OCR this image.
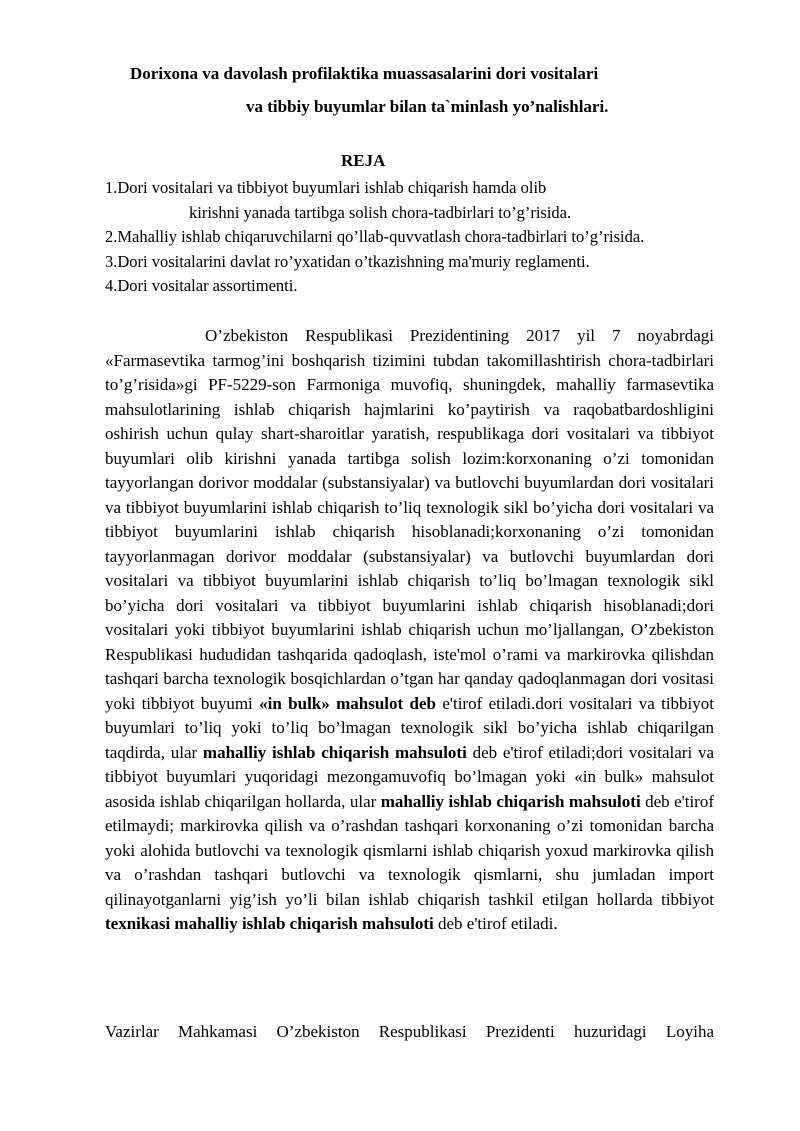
Dorixona va davolash profilaktika muassasalarini dori vositalari
va tibbiy buyumlar bilan ta`minlash yo’nalishlari.
REJA
1.Dori vositalari va tibbiyot buyumlari ishlab chiqarish hamda olib
kirishni yanada tartibga solish chora-tadbirlari to’g’risida.
2.Mahalliy ishlab chiqaruvchilarni qo’llab-quvvatlash chora-tadbirlari to’g’risida.
3.Dori vositalarini davlat ro’yxatidan o’tkazishning ma'muriy reglamenti.
4.Dori vositalar assortimenti.
O’zbekiston Respublikasi Prezidentining 2017 yil 7 noyabrdagi «Farmasevtika tarmog’ini boshqarish tizimini tubdan takomillashtirish chora-tadbirlari to’g’risida»gi PF-5229-son Farmoniga muvofiq, shuningdek, mahalliy farmasevtika mahsulotlarining ishlab chiqarish hajmlarini ko’paytirish va raqobatbardoshligini oshirish uchun qulay shart-sharoitlar yaratish, respublikaga dori vositalari va tibbiyot buyumlari olib kirishni yanada tartibga solish lozim:korxonaning o’zi tomonidan tayyorlangan dorivor moddalar (substansiyalar) va butlovchi buyumlardan dori vositalari va tibbiyot buyumlarini ishlab chiqarish to’liq texnologik sikl bo’yicha dori vositalari va tibbiyot buyumlarini ishlab chiqarish hisoblanadi;korxonaning o’zi tomonidan tayyorlanmagan dorivor moddalar (substansiyalar) va butlovchi buyumlardan dori vositalari va tibbiyot buyumlarini ishlab chiqarish to’liq bo’lmagan texnologik sikl bo’yicha dori vositalari va tibbiyot buyumlarini ishlab chiqarish hisoblanadi;dori vositalari yoki tibbiyot buyumlarini ishlab chiqarish uchun mo’ljallangan, O’zbekiston Respublikasi hududidan tashqarida qadoqlash, iste'mol o’rami va markirovka qilishdan tashqari barcha texnologik bosqichlardan o’tgan har qanday qadoqlanmagan dori vositasi yoki tibbiyot buyumi «in bulk» mahsulot deb e'tirof etiladi.dori vositalari va tibbiyot buyumlari to’liq yoki to’liq bo’lmagan texnologik sikl bo’yicha ishlab chiqarilgan taqdirda, ular mahalliy ishlab chiqarish mahsuloti deb e'tirof etiladi;dori vositalari va tibbiyot buyumlari yuqoridagi mezongamuvofiq bo’lmagan yoki «in bulk» mahsulot asosida ishlab chiqarilgan hollarda, ular mahalliy ishlab chiqarish mahsuloti deb e'tirof etilmaydi; markirovka qilish va o’rashdan tashqari korxonaning o’zi tomonidan barcha yoki alohida butlovchi va texnologik qismlarni ishlab chiqarish yoxud markirovka qilish va o’rashdan tashqari butlovchi va texnologik qismlarni, shu jumladan import qilinayotganlarni yig’ish yo’li bilan ishlab chiqarish tashkil etilgan hollarda tibbiyot texnikasi mahalliy ishlab chiqarish mahsuloti deb e'tirof etiladi.
Vazirlar Mahkamasi O’zbekiston Respublikasi Prezidenti huzuridagi Loyiha
